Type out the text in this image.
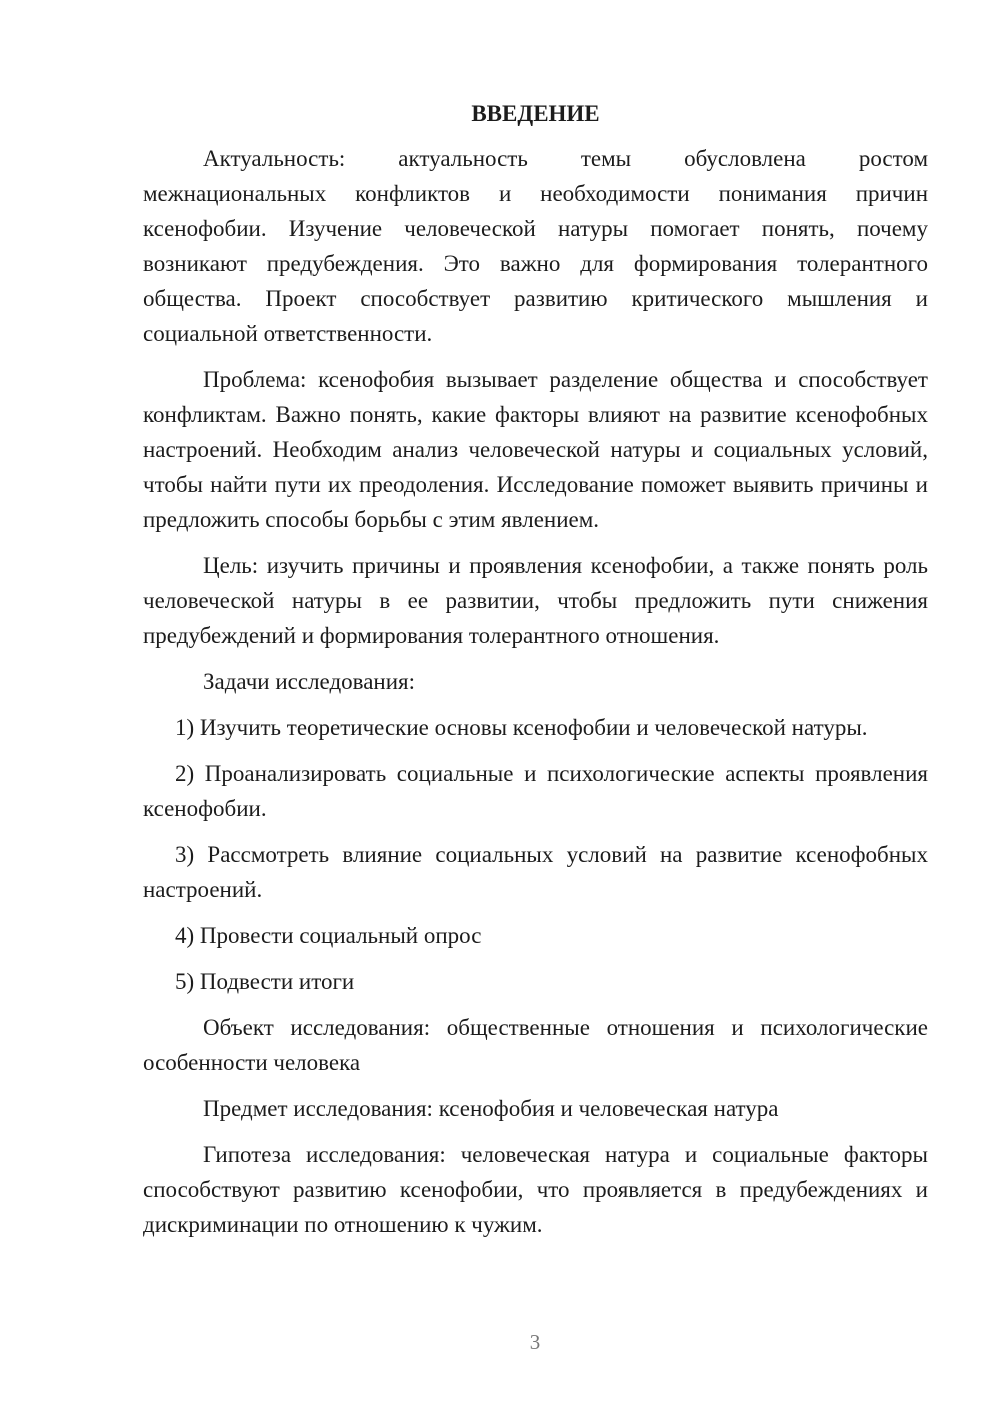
ВВЕДЕНИЕ

Актуальность: актуальность темы обусловлена ростом межнациональных конфликтов и необходимости понимания причин ксенофобии. Изучение человеческой натуры помогает понять, почему возникают предубеждения. Это важно для формирования толерантного общества. Проект способствует развитию критического мышления и социальной ответственности.

Проблема: ксенофобия вызывает разделение общества и способствует конфликтам. Важно понять, какие факторы влияют на развитие ксенофобных настроений. Необходим анализ человеческой натуры и социальных условий, чтобы найти пути их преодоления. Исследование поможет выявить причины и предложить способы борьбы с этим явлением.

Цель: изучить причины и проявления ксенофобии, а также понять роль человеческой натуры в ее развитии, чтобы предложить пути снижения предубеждений и формирования толерантного отношения.

Задачи исследования:

1) Изучить теоретические основы ксенофобии и человеческой натуры.

2) Проанализировать социальные и психологические аспекты проявления ксенофобии.

3) Рассмотреть влияние социальных условий на развитие ксенофобных настроений.

4) Провести социальный опрос

5) Подвести итоги

Объект исследования: общественные отношения и психологические особенности человека

Предмет исследования: ксенофобия и человеческая натура

Гипотеза исследования: человеческая натура и социальные факторы способствуют развитию ксенофобии, что проявляется в предубеждениях и дискриминации по отношению к чужим.

3
